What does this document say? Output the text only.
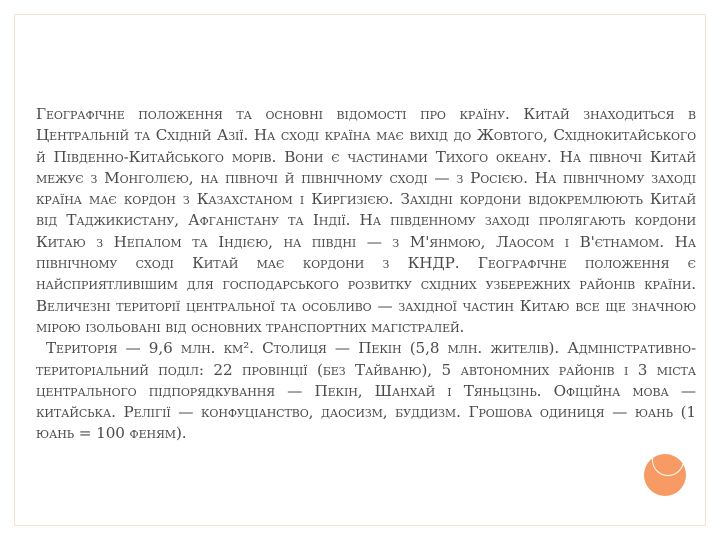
Географічне положення та основні відомості про країну. Китай знаходиться в Центральній та Східній Азії. На сході країна має вихід до Жовтого, Східнокитайського й Південно-Китайського морів. Вони є частинами Тихого океану. На півночі Китай межує з Монголією, на півночі й північному сході — з Росією. На північному заході країна має кордон з Казахстаном і Киргизією. Західні кордони відокремлюють Китай від Таджикистану, Афганістану та Індії. На південному заході пролягають кордони Китаю з Непалом та Індією, на півдні — з М'янмою, Лаосом і В'єтнамом. На північному сході Китай має кордони з КНДР. Географічне положення є найсприятливішим для господарського розвитку східних узбережних районів країни. Величезні території центральної та особливо — західної частин Китаю все ще значною мірою ізольовані від основних транспортних магістралей.

Територія — 9,6 млн. км². Столиця — Пекін (5,8 млн. жителів). Адміністративно-територіальний поділ: 22 провінції (без Тайваню), 5 автономних районів і 3 міста центрального підпорядкування — Пекін, Шанхай і Тяньцзінь. Офіційна мова — китайська. Релігії — конфуціанство, даосизм, буддизм. Грошова одиниця — юань (1 юань = 100 феням).
